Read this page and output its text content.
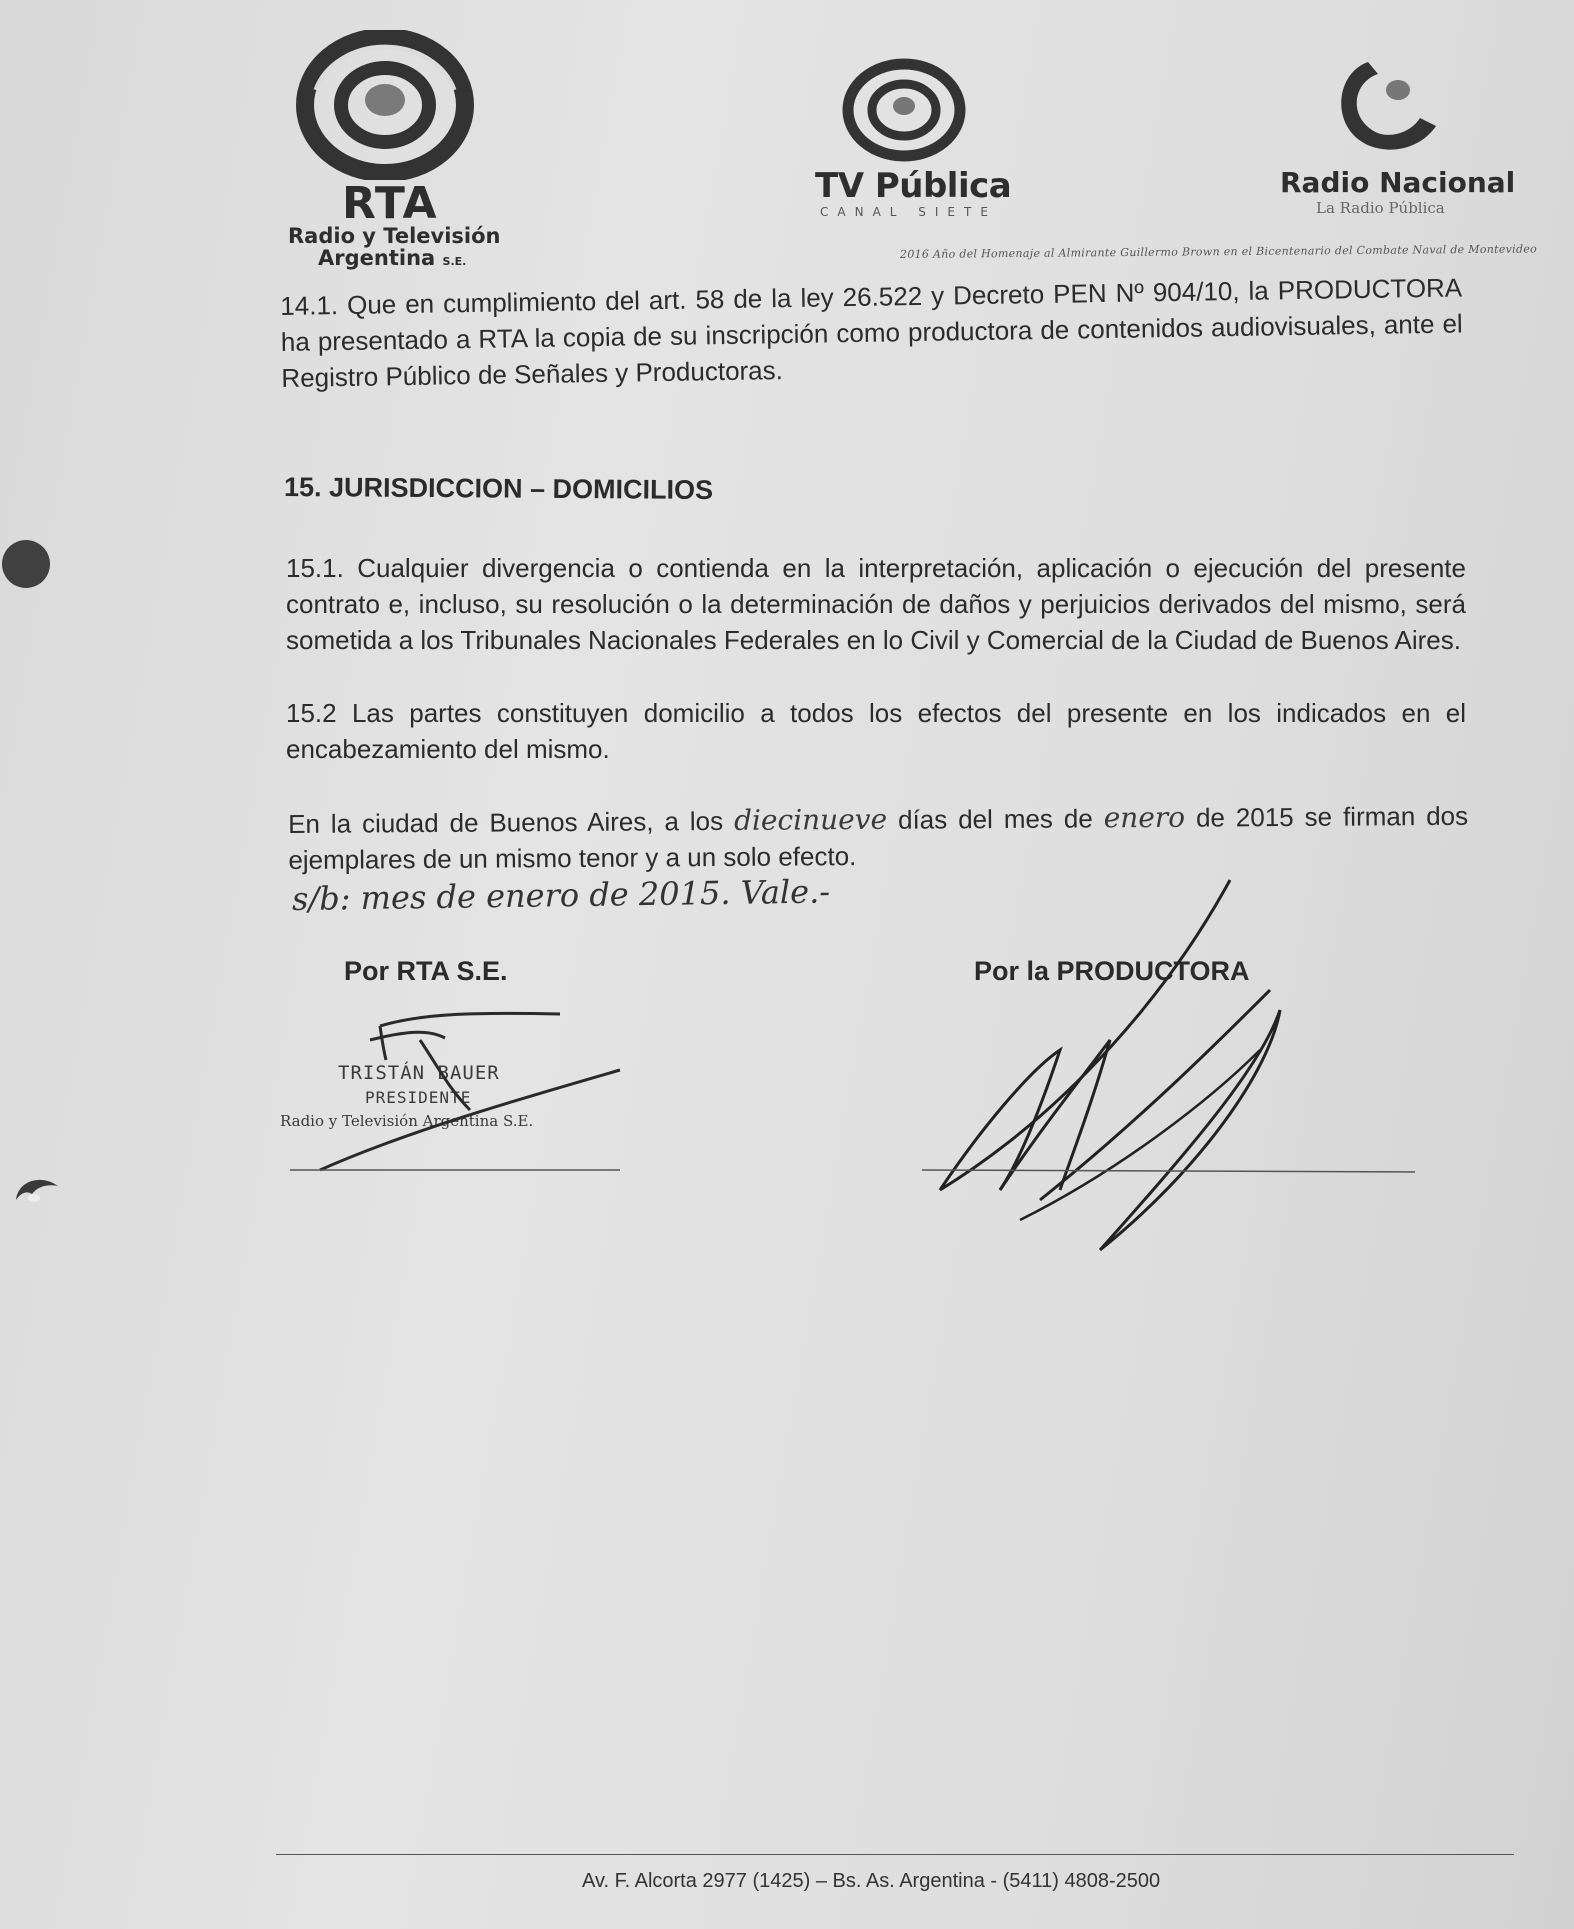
RTA
Radio y Televisión
Argentina S.E.
TV Pública
CANAL SIETE
Radio Nacional
La Radio Pública
2016 Año del Homenaje al Almirante Guillermo Brown en el Bicentenario del Combate Naval de Montevideo
14.1. Que en cumplimiento del art. 58 de la ley 26.522 y Decreto PEN Nº 904/10, la PRODUCTORA ha presentado a RTA la copia de su inscripción como productora de contenidos audiovisuales, ante el Registro Público de Señales y Productoras.
15. JURISDICCION – DOMICILIOS
15.1. Cualquier divergencia o contienda en la interpretación, aplicación o ejecución del presente contrato e, incluso, su resolución o la determinación de daños y perjuicios derivados del mismo, será sometida a los Tribunales Nacionales Federales en lo Civil y Comercial de la Ciudad de Buenos Aires.
15.2 Las partes constituyen domicilio a todos los efectos del presente en los indicados en el encabezamiento del mismo.
En la ciudad de Buenos Aires, a los diecinueve días del mes de enero de 2015 se firman dos ejemplares de un mismo tenor y a un solo efecto.
s/b: mes de enero de 2015. Vale.-
Por RTA S.E.	Por la PRODUCTORA
TRISTÁN BAUER
PRESIDENTE
Radio y Televisión Argentina S.E.
Av. F. Alcorta 2977 (1425) – Bs. As. Argentina - (5411) 4808-2500
